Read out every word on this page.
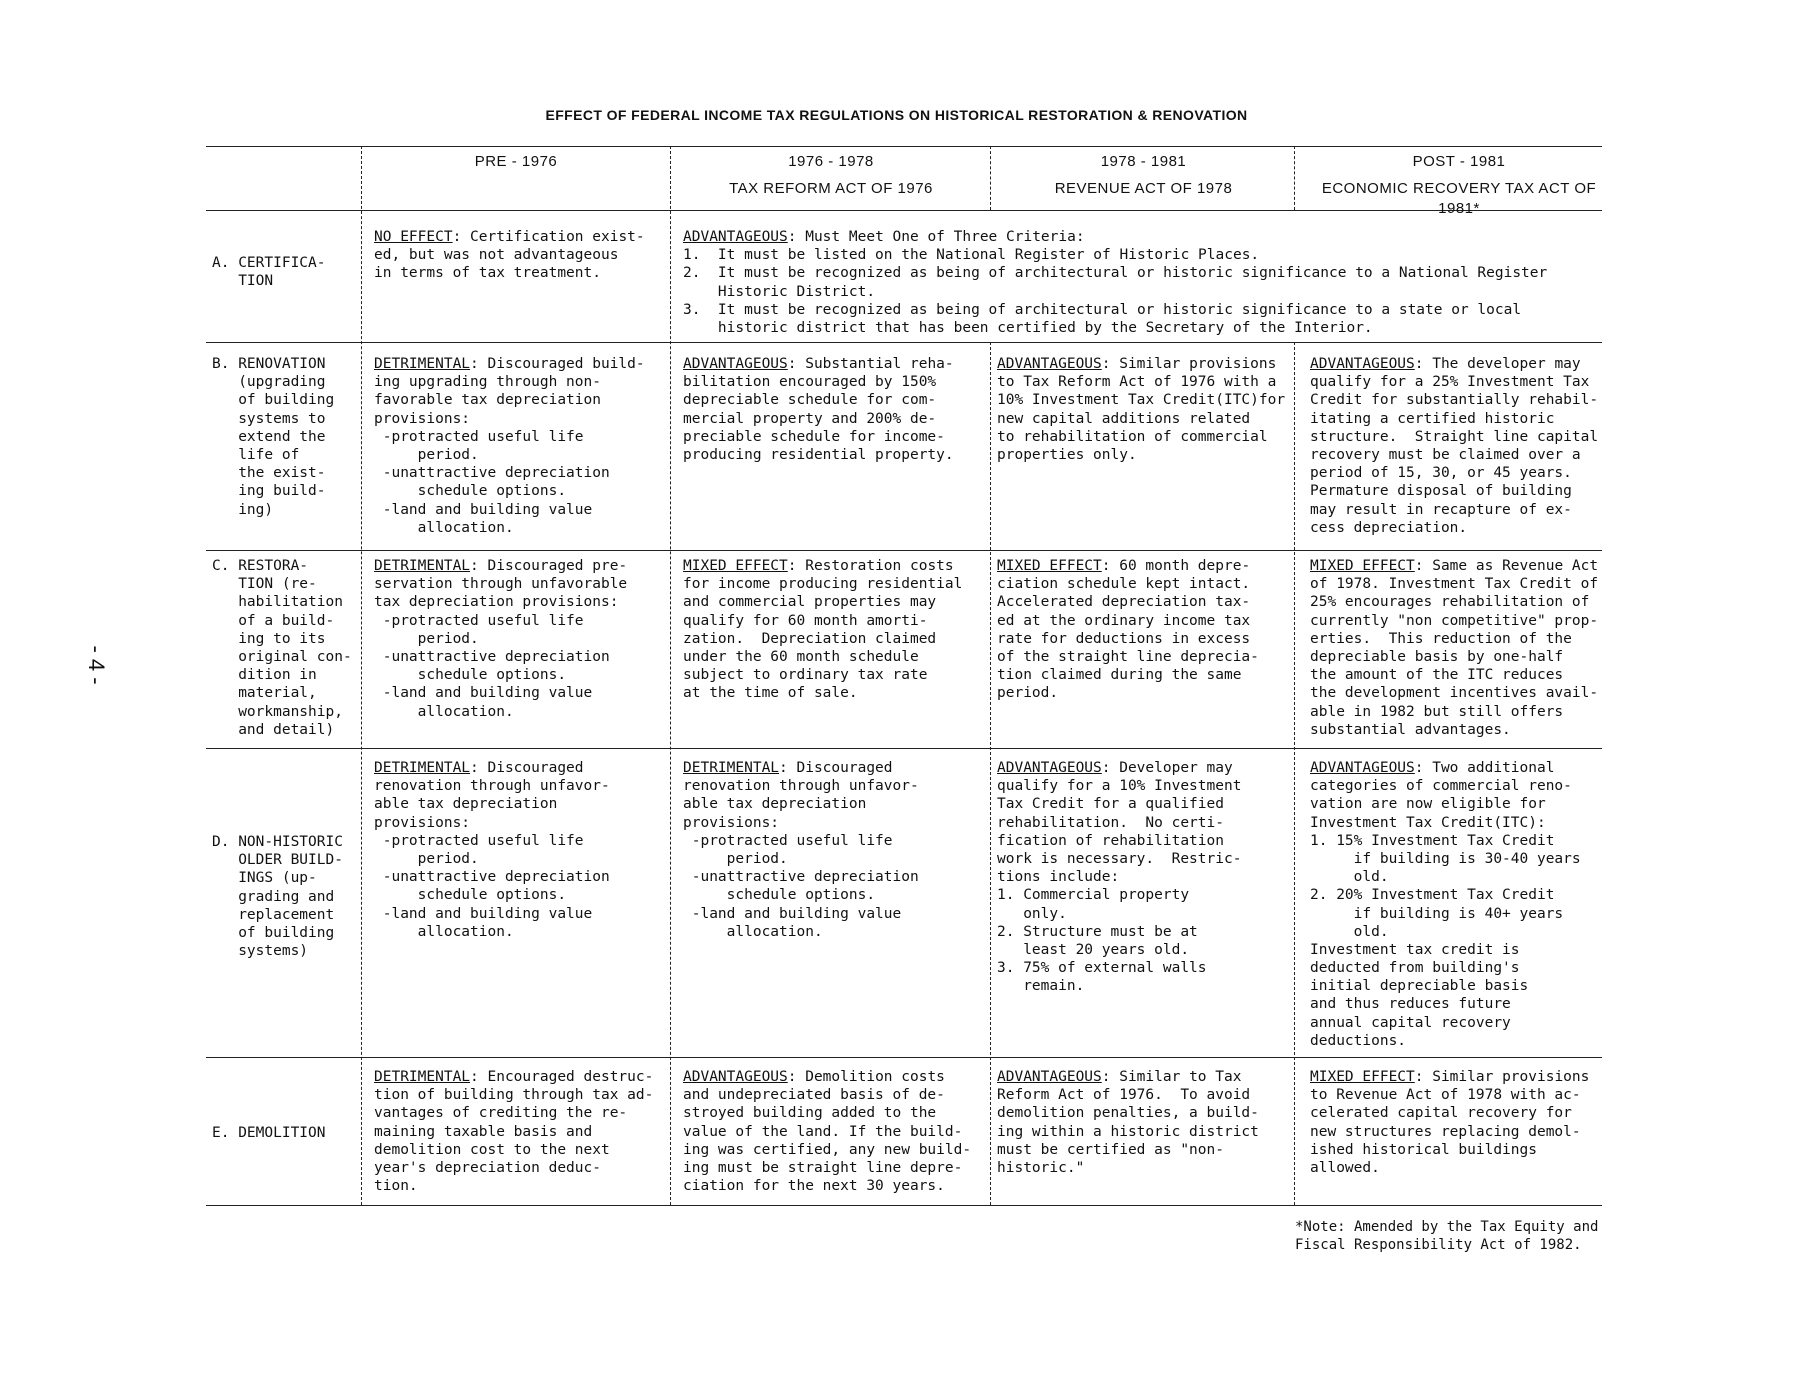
EFFECT OF FEDERAL INCOME TAX REGULATIONS ON HISTORICAL RESTORATION & RENOVATION
PRE - 1976	1976 - 1978
TAX REFORM ACT OF 1976
1978 - 1981
REVENUE ACT OF 1978
POST - 1981
ECONOMIC RECOVERY TAX ACT OF 1981*
A. CERTIFICA-
TION
NO EFFECT: Certification exist-
ed, but was not advantageous
in terms of tax treatment.
ADVANTAGEOUS: Must Meet One of Three Criteria:
1.  It must be listed on the National Register of Historic Places.
2.  It must be recognized as being of architectural or historic significance to a National Register
Historic District.
3.  It must be recognized as being of architectural or historic significance to a state or local
historic district that has been certified by the Secretary of the Interior.
B. RENOVATION
(upgrading
of building
systems to
extend the
life of
the exist-
ing build-
ing)
DETRIMENTAL: Discouraged build-
ing upgrading through non-
favorable tax depreciation
provisions:
-protracted useful life
period.
-unattractive depreciation
schedule options.
-land and building value
allocation.
ADVANTAGEOUS: Substantial reha-
bilitation encouraged by 150%
depreciable schedule for com-
mercial property and 200% de-
preciable schedule for income-
producing residential property.
ADVANTAGEOUS: Similar provisions
to Tax Reform Act of 1976 with a
10% Investment Tax Credit(ITC)for
new capital additions related
to rehabilitation of commercial
properties only.
ADVANTAGEOUS: The developer may
qualify for a 25% Investment Tax
Credit for substantially rehabil-
itating a certified historic
structure.  Straight line capital
recovery must be claimed over a
period of 15, 30, or 45 years.
Permature disposal of building
may result in recapture of ex-
cess depreciation.
C. RESTORA-
TION (re-
habilitation
of a build-
ing to its
original con-
dition in
material,
workmanship,
and detail)
DETRIMENTAL: Discouraged pre-
servation through unfavorable
tax depreciation provisions:
-protracted useful life
period.
-unattractive depreciation
schedule options.
-land and building value
allocation.
MIXED EFFECT: Restoration costs
for income producing residential
and commercial properties may
qualify for 60 month amorti-
zation.  Depreciation claimed
under the 60 month schedule
subject to ordinary tax rate
at the time of sale.
MIXED EFFECT: 60 month depre-
ciation schedule kept intact.
Accelerated depreciation tax-
ed at the ordinary income tax
rate for deductions in excess
of the straight line deprecia-
tion claimed during the same
period.
MIXED EFFECT: Same as Revenue Act
of 1978. Investment Tax Credit of
25% encourages rehabilitation of
currently "non competitive" prop-
erties.  This reduction of the
depreciable basis by one-half
the amount of the ITC reduces
the development incentives avail-
able in 1982 but still offers
substantial advantages.
D. NON-HISTORIC
OLDER BUILD-
INGS (up-
grading and
replacement
of building
systems)
DETRIMENTAL: Discouraged
renovation through unfavor-
able tax depreciation
provisions:
-protracted useful life
period.
-unattractive depreciation
schedule options.
-land and building value
allocation.
DETRIMENTAL: Discouraged
renovation through unfavor-
able tax depreciation
provisions:
-protracted useful life
period.
-unattractive depreciation
schedule options.
-land and building value
allocation.
ADVANTAGEOUS: Developer may
qualify for a 10% Investment
Tax Credit for a qualified
rehabilitation.  No certi-
fication of rehabilitation
work is necessary.  Restric-
tions include:
1. Commercial property
only.
2. Structure must be at
least 20 years old.
3. 75% of external walls
remain.
ADVANTAGEOUS: Two additional
categories of commercial reno-
vation are now eligible for
Investment Tax Credit(ITC):
1. 15% Investment Tax Credit
if building is 30-40 years
old.
2. 20% Investment Tax Credit
if building is 40+ years
old.
Investment tax credit is
deducted from building's
initial depreciable basis
and thus reduces future
annual capital recovery
deductions.
E. DEMOLITION
DETRIMENTAL: Encouraged destruc-
tion of building through tax ad-
vantages of crediting the re-
maining taxable basis and
demolition cost to the next
year's depreciation deduc-
tion.
ADVANTAGEOUS: Demolition costs
and undepreciated basis of de-
stroyed building added to the
value of the land. If the build-
ing was certified, any new build-
ing must be straight line depre-
ciation for the next 30 years.
ADVANTAGEOUS: Similar to Tax
Reform Act of 1976.  To avoid
demolition penalties, a build-
ing within a historic district
must be certified as "non-
historic."
MIXED EFFECT: Similar provisions
to Revenue Act of 1978 with ac-
celerated capital recovery for
new structures replacing demol-
ished historical buildings
allowed.
- 4 -
*Note: Amended by the Tax Equity and
Fiscal Responsibility Act of 1982.
